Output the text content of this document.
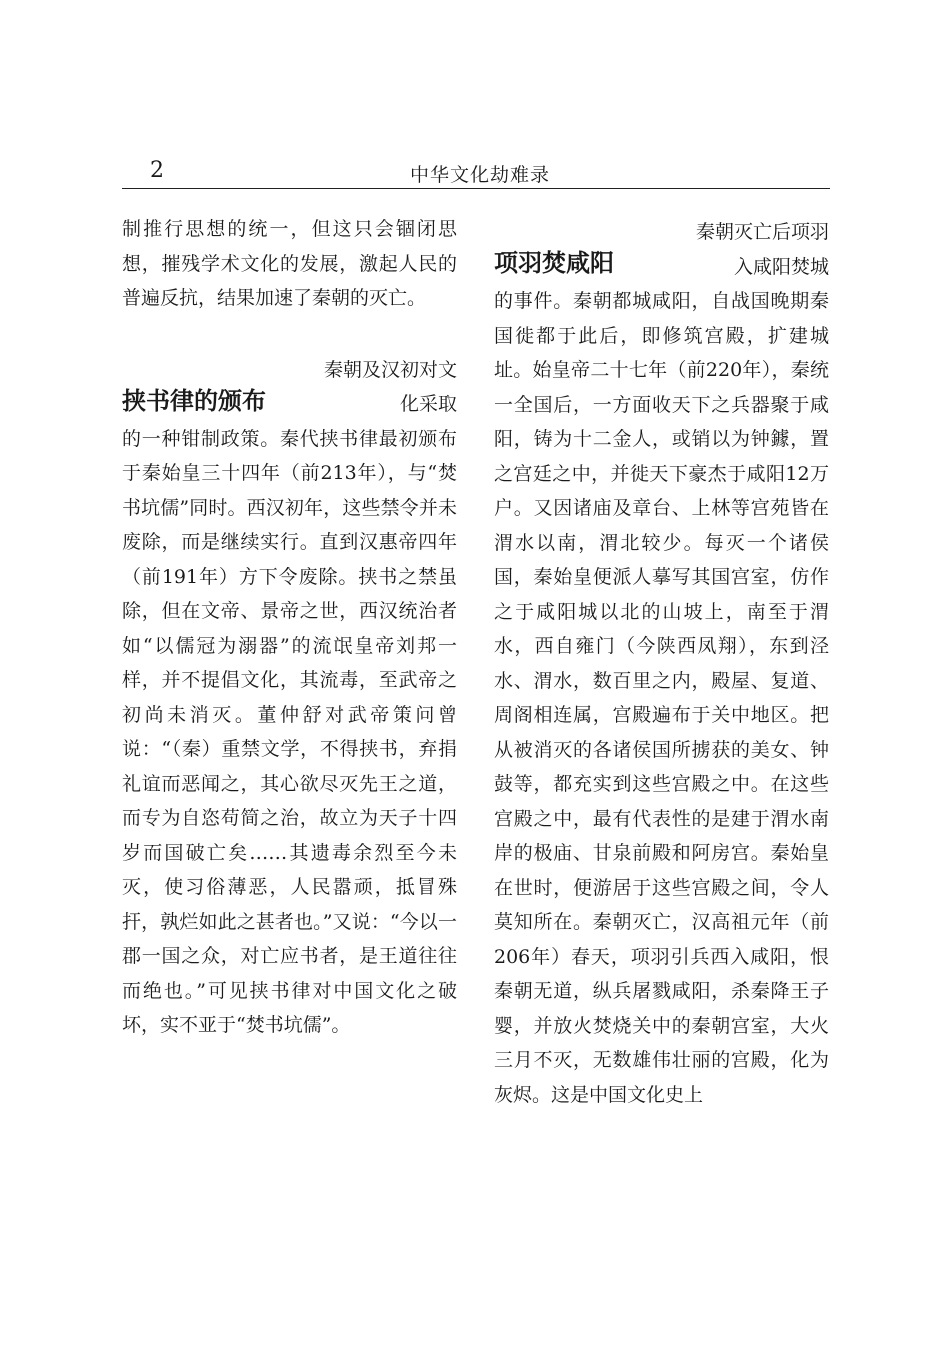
2	中华文化劫难录

制推行思想的统一，但这只会锢闭思想，摧残学术文化的发展，激起人民的普遍反抗，结果加速了秦朝的灭亡。

挟书律的颁布
秦朝及汉初对文化采取

的一种钳制政策。秦代挟书律最初颁布于秦始皇三十四年（前213年），与“焚书坑儒”同时。西汉初年，这些禁令并未废除，而是继续实行。直到汉惠帝四年（前191年）方下令废除。挟书之禁虽除，但在文帝、景帝之世，西汉统治者如“以儒冠为溺器”的流氓皇帝刘邦一样，并不提倡文化，其流毒，至武帝之初尚未消灭。董仲舒对武帝策问曾说：“（秦）重禁文学，不得挟书，弃捐礼谊而恶闻之，其心欲尽灭先王之道，而专为自恣苟简之治，故立为天子十四岁而国破亡矣……其遗毒余烈至今未灭，使习俗薄恶，人民嚣顽，抵冒殊扞，孰烂如此之甚者也。”又说：“今以一郡一国之众，对亡应书者，是王道往往而绝也。”可见挟书律对中国文化之破坏，实不亚于“焚书坑儒”。

项羽焚咸阳
秦朝灭亡后项羽入咸阳焚城

的事件。秦朝都城咸阳，自战国晚期秦国徙都于此后，即修筑宫殿，扩建城址。始皇帝二十七年（前220年），秦统一全国后，一方面收天下之兵器聚于咸阳，铸为十二金人，或销以为钟鐻，置之宫廷之中，并徙天下豪杰于咸阳12万户。又因诸庙及章台、上林等宫苑皆在渭水以南，渭北较少。每灭一个诸侯国，秦始皇便派人摹写其国宫室，仿作之于咸阳城以北的山坡上，南至于渭水，西自雍门（今陕西凤翔），东到泾水、渭水，数百里之内，殿屋、复道、周阁相连属，宫殿遍布于关中地区。把从被消灭的各诸侯国所掳获的美女、钟鼓等，都充实到这些宫殿之中。在这些宫殿之中，最有代表性的是建于渭水南岸的极庙、甘泉前殿和阿房宫。秦始皇在世时，便游居于这些宫殿之间，令人莫知所在。秦朝灭亡，汉高祖元年（前206年）春天，项羽引兵西入咸阳，恨秦朝无道，纵兵屠戮咸阳，杀秦降王子婴，并放火焚烧关中的秦朝宫室，大火三月不灭，无数雄伟壮丽的宫殿，化为灰烬。这是中国文化史上
